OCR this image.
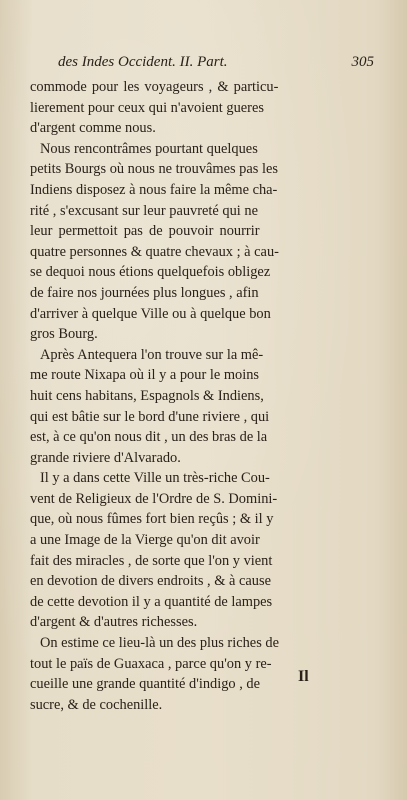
des Indes Occident. II. Part.	305
commode pour les voyageurs , & particu-
lierement pour ceux qui n'avoient gueres
d'argent comme nous.
Nous rencontrâmes pourtant quelques
petits Bourgs où nous ne trouvâmes pas les
Indiens disposez à nous faire la même cha-
rité , s'excusant sur leur pauvreté qui ne
leur permettoit pas de pouvoir nourrir
quatre personnes & quatre chevaux ; à cau-
se dequoi nous étions quelquefois obligez
de faire nos journées plus longues , afin
d'arriver à quelque Ville ou à quelque bon
gros Bourg.
Après Antequera l'on trouve sur la mê-
me route Nixapa où il y a pour le moins
huit cens habitans, Espagnols & Indiens,
qui est bâtie sur le bord d'une riviere , qui
est, à ce qu'on nous dit , un des bras de la
grande riviere d'Alvarado.
Il y a dans cette Ville un très-riche Cou-
vent de Religieux de l'Ordre de S. Domini-
que, où nous fûmes fort bien reçûs ; & il y
a une Image de la Vierge qu'on dit avoir
fait des miracles , de sorte que l'on y vient
en devotion de divers endroits , & à cause
de cette devotion il y a quantité de lampes
d'argent & d'autres richesses.
On estime ce lieu-là un des plus riches de
tout le païs de Guaxaca , parce qu'on y re-
cueille une grande quantité d'indigo , de
sucre, & de cochenille.
Il
